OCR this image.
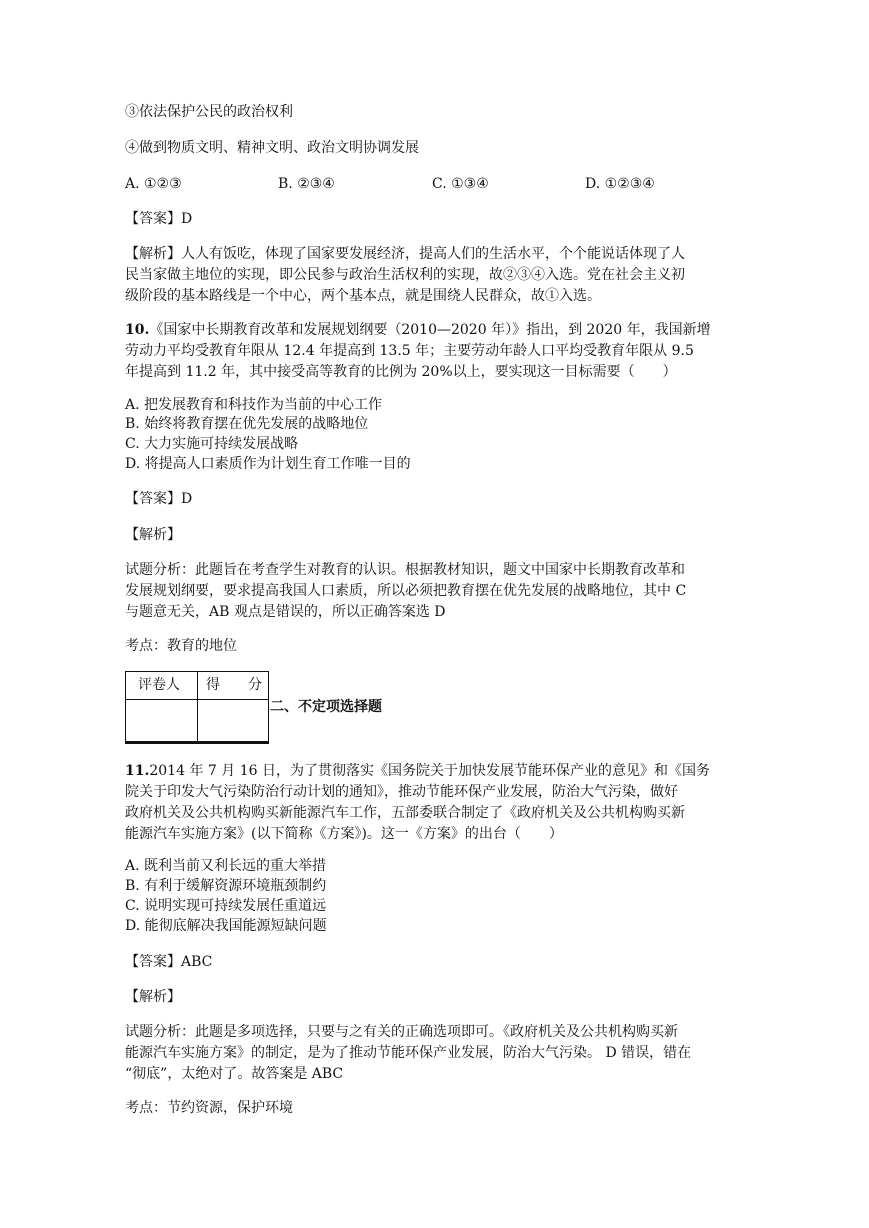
③依法保护公民的政治权利
④做到物质文明、精神文明、政治文明协调发展
A. ①②③	B. ②③④	C. ①③④	D. ①②③④
【答案】D
【解析】人人有饭吃，体现了国家要发展经济，提高人们的生活水平，个个能说话体现了人
民当家做主地位的实现，即公民参与政治生活权利的实现，故②③④入选。党在社会主义初
级阶段的基本路线是一个中心，两个基本点，就是围绕人民群众，故①入选。
10.《国家中长期教育改革和发展规划纲要（2010—2020 年）》指出，到 2020 年，我国新增
劳动力平均受教育年限从 12.4 年提高到 13.5 年；主要劳动年龄人口平均受教育年限从 9.5
年提高到 11.2 年，其中接受高等教育的比例为 20%以上，要实现这一目标需要（　　）
A. 把发展教育和科技作为当前的中心工作
B. 始终将教育摆在优先发展的战略地位
C. 大力实施可持续发展战略
D. 将提高人口素质作为计划生育工作唯一目的
【答案】D
【解析】
试题分析：此题旨在考查学生对教育的认识。根据教材知识，题文中国家中长期教育改革和
发展规划纲要，要求提高我国人口素质，所以必须把教育摆在优先发展的战略地位，其中 C
与题意无关，AB 观点是错误的，所以正确答案选 D
考点：教育的地位
评卷人 得　　分
二、不定项选择题
11.2014 年 7 月 16 日，为了贯彻落实《国务院关于加快发展节能环保产业的意见》和《国务
院关于印发大气污染防治行动计划的通知》，推动节能环保产业发展，防治大气污染，做好
政府机关及公共机构购买新能源汽车工作，五部委联合制定了《政府机关及公共机构购买新
能源汽车实施方案》(以下简称《方案》)。这一《方案》的出台（　　）
A. 既利当前又利长远的重大举措
B. 有利于缓解资源环境瓶颈制约
C. 说明实现可持续发展任重道远
D. 能彻底解决我国能源短缺问题
【答案】ABC
【解析】
试题分析：此题是多项选择，只要与之有关的正确选项即可。《政府机关及公共机构购买新
能源汽车实施方案》的制定，是为了推动节能环保产业发展，防治大气污染。 D 错误，错在
“彻底”，太绝对了。故答案是 ABC
考点：节约资源，保护环境
